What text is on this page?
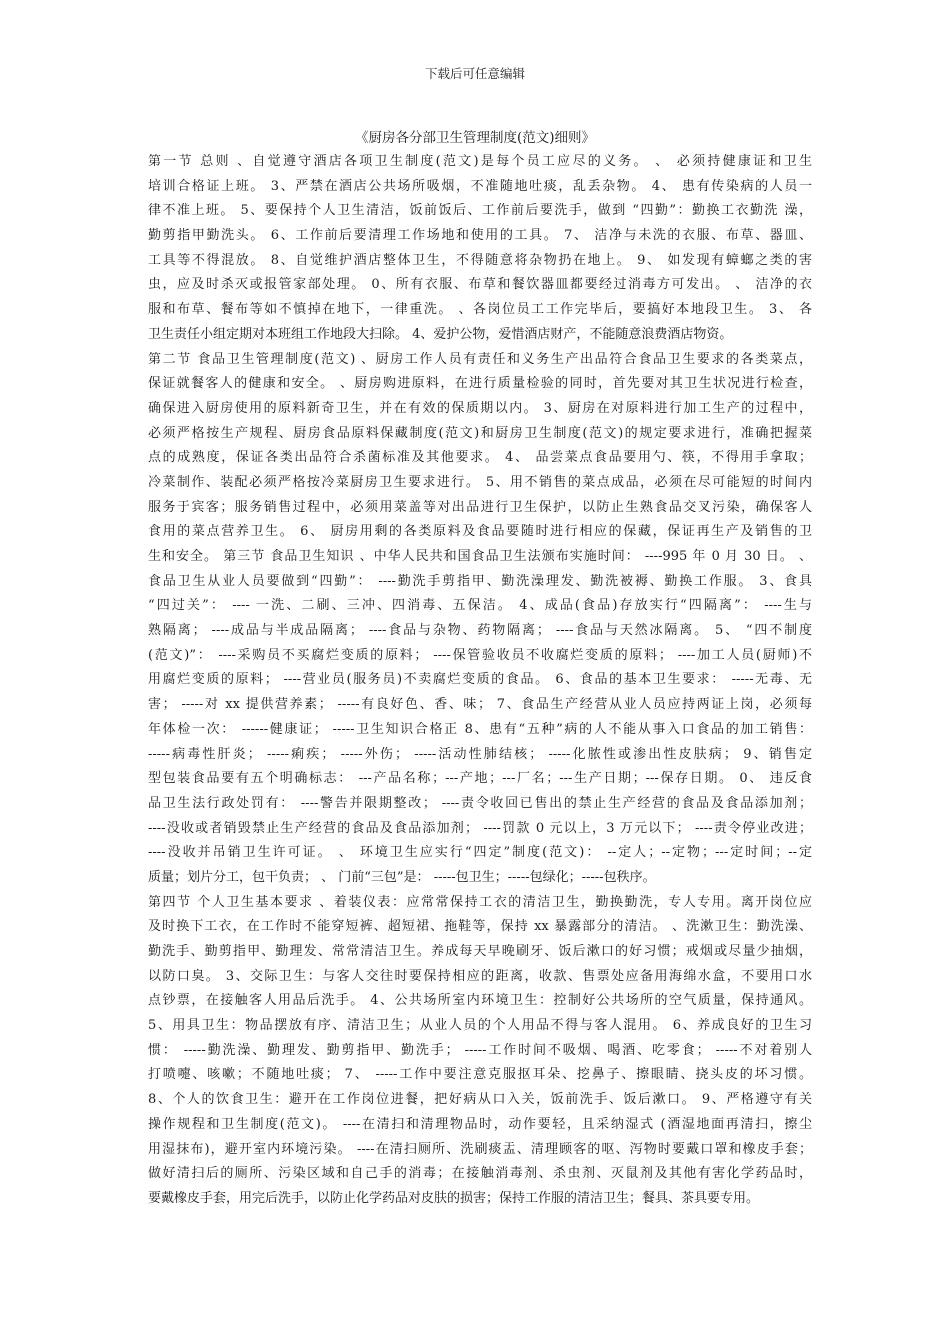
下载后可任意编辑
《厨房各分部卫生管理制度(范文)细则》
第一节 总则 、自觉遵守酒店各项卫生制度(范文)是每个员工应尽的义务。 、 必须持健康证和卫生
培训合格证上班。 3、严禁在酒店公共场所吸烟，不准随地吐痰，乱丢杂物。 4、 患有传染病的人员一
律不准上班。 5、要保持个人卫生清洁，饭前饭后、工作前后要洗手，做到 “四勤”：勤换工衣勤洗 澡，
勤剪指甲勤洗头。 6、工作前后要清理工作场地和使用的工具。 7、 洁净与未洗的衣服、布草、器皿、
工具等不得混放。 8、自觉维护酒店整体卫生，不得随意将杂物扔在地上。 9、 如发现有蟑螂之类的害
虫，应及时杀灭或报管家部处理。 0、所有衣服、布草和餐饮器皿都要经过消毒方可发出。 、 洁净的衣
服和布草、餐布等如不慎掉在地下，一律重洗。 、各岗位员工工作完毕后，要搞好本地段卫生。 3、 各
卫生责任小组定期对本班组工作地段大扫除。 4、爱护公物，爱惜酒店财产，不能随意浪费酒店物资。
第二节 食品卫生管理制度(范文) 、厨房工作人员有责任和义务生产出品符合食品卫生要求的各类菜点，
保证就餐客人的健康和安全。 、厨房购进原料，在进行质量检验的同时，首先要对其卫生状况进行检查，
确保进入厨房使用的原料新奇卫生，并在有效的保质期以内。 3、厨房在对原料进行加工生产的过程中，
必须严格按生产规程、厨房食品原料保藏制度(范文)和厨房卫生制度(范文)的规定要求进行，准确把握菜
点的成熟度，保证各类出品符合杀菌标准及其他要求。 4、 品尝菜点食品要用勺、筷，不得用手拿取；
冷菜制作、装配必须严格按冷菜厨房卫生要求进行。 5、用不销售的菜点成品，必须在尽可能短的时间内
服务于宾客；服务销售过程中，必须用菜盖等对出品进行卫生保护，以防止生熟食品交叉污染，确保客人
食用的菜点营养卫生。 6、 厨房用剩的各类原料及食品要随时进行相应的保藏，保证再生产及销售的卫
生和安全。 第三节 食品卫生知识 、中华人民共和国食品卫生法颁布实施时间： ----995 年 0 月 30 日。 、
食品卫生从业人员要做到“四勤”： ----勤洗手剪指甲、勤洗澡理发、勤洗被褥、勤换工作服。 3、食具
“四过关”： ---- 一洗、二刷、三冲、四消毒、五保洁。 4、成品(食品)存放实行“四隔离”： ----生与
熟隔离； ----成品与半成品隔离； ----食品与杂物、药物隔离； ----食品与天然冰隔离。 5、 “四不制度
(范文)”： ----采购员不买腐烂变质的原料； ----保管验收员不收腐烂变质的原料； ----加工人员(厨师)不
用腐烂变质的原料； ----营业员(服务员)不卖腐烂变质的食品。 6、食品的基本卫生要求： -----无毒、无
害； -----对 xx 提供营养素； -----有良好色、香、味； 7、食品生产经营从业人员应持两证上岗，必须每
年体检一次： ------健康证； -----卫生知识合格正 8、患有“五种”病的人不能从事入口食品的加工销售：
-----病毒性肝炎； -----痢疾； -----外伤； -----活动性肺结核； -----化脓性或渗出性皮肤病； 9、销售定
型包装食品要有五个明确标志： ---产品名称；---产地；---厂名；---生产日期；---保存日期。 0、 违反食
品卫生法行政处罚有： ----警告并限期整改； ----责令收回已售出的禁止生产经营的食品及食品添加剂；
----没收或者销毁禁止生产经营的食品及食品添加剂； ----罚款 0 元以上，3 万元以下； ----责令停业改进；
----没收并吊销卫生许可证。 、 环境卫生应实行“四定”制度(范文)： --定人；--定物；---定时间；--定
质量；划片分工，包干负责； 、 门前“三包”是： -----包卫生；-----包绿化；-----包秩序。
第四节 个人卫生基本要求 、着装仪表：应常常保持工衣的清洁卫生，勤换勤洗，专人专用。离开岗位应
及时换下工衣，在工作时不能穿短裤、超短裙、拖鞋等，保持 xx 暴露部分的清洁。 、洗漱卫生：勤洗澡、
勤洗手、勤剪指甲、勤理发、常常清洁卫生。养成每天早晚刷牙、饭后漱口的好习惯；戒烟或尽量少抽烟，
以防口臭。 3、交际卫生：与客人交往时要保持相应的距离，收款、售票处应备用海绵水盒，不要用口水
点钞票，在接触客人用品后洗手。 4、公共场所室内环境卫生：控制好公共场所的空气质量，保持通风。
5、用具卫生：物品摆放有序、清洁卫生；从业人员的个人用品不得与客人混用。 6、养成良好的卫生习
惯： -----勤洗澡、勤理发、勤剪指甲、勤洗手； -----工作时间不吸烟、喝酒、吃零食； -----不对着别人
打喷嚏、咳嗽；不随地吐痰； 7、 -----工作中要注意克服抠耳朵、挖鼻子、擦眼睛、挠头皮的坏习惯。
8、个人的饮食卫生：避开在工作岗位进餐，把好病从口入关，饭前洗手、饭后漱口。 9、严格遵守有关
操作规程和卫生制度(范文)。 ----在清扫和清理物品时，动作要轻，且采纳湿式 (酒湿地面再清扫，擦尘
用湿抹布)，避开室内环境污染。 ----在清扫厕所、洗刷痰盂、清理顾客的呕、泻物时要戴口罩和橡皮手套；
做好清扫后的厕所、污染区域和自己手的消毒；在接触消毒剂、杀虫剂、灭鼠剂及其他有害化学药品时，
要戴橡皮手套，用完后洗手，以防止化学药品对皮肤的损害；保持工作服的清洁卫生；餐具、茶具要专用。
